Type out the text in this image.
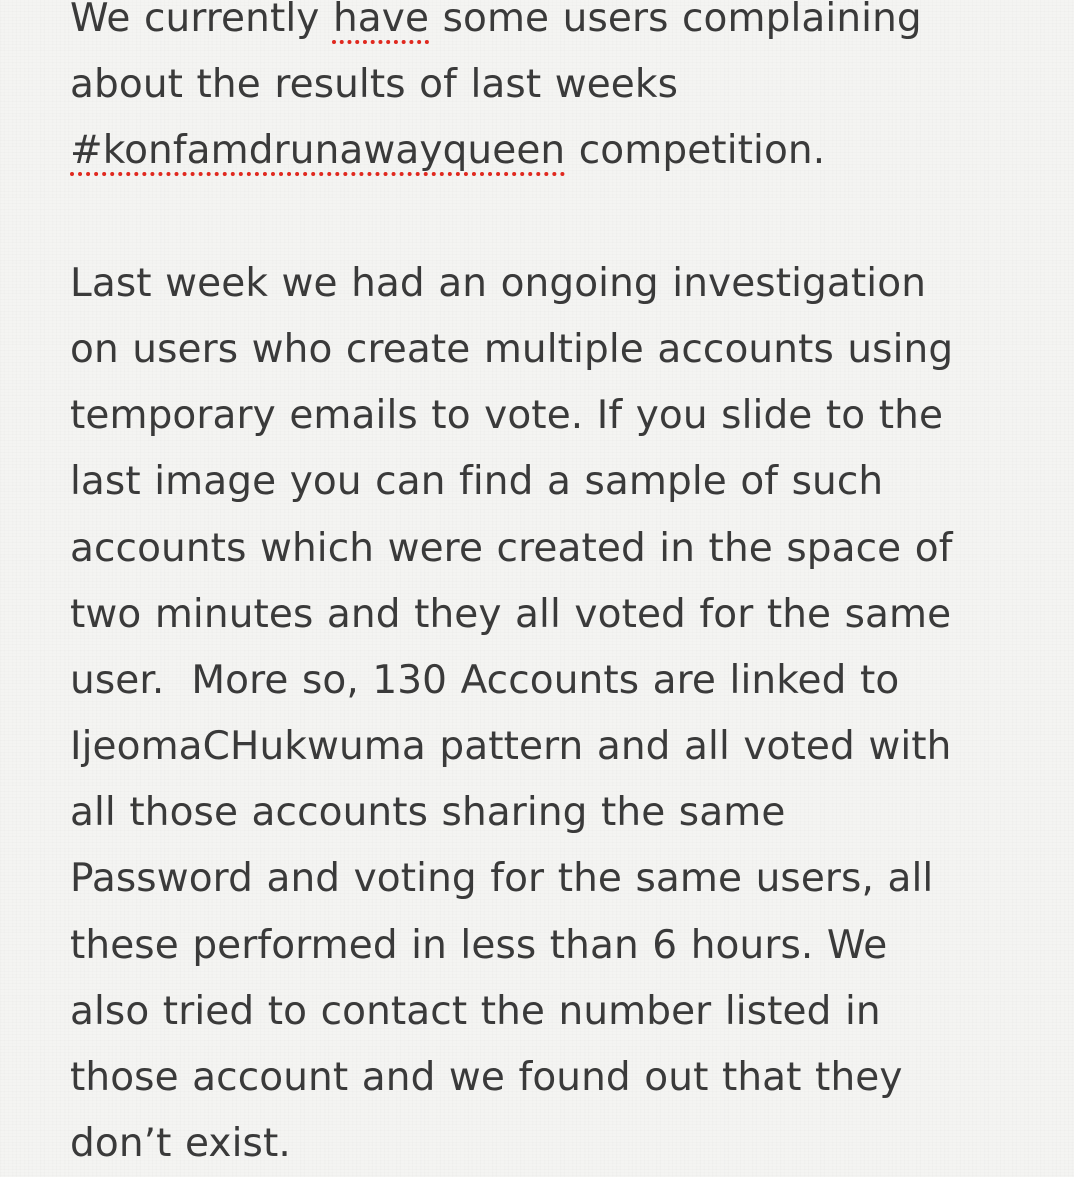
We currently have some users complaining
about the results of last weeks
#konfamdrunawayqueen competition.
Last week we had an ongoing investigation
on users who create multiple accounts using
temporary emails to vote. If you slide to the
last image you can find a sample of such
accounts which were created in the space of
two minutes and they all voted for the same
user.  More so, 130 Accounts are linked to
IjeomaCHukwuma pattern and all voted with
all those accounts sharing the same
Password and voting for the same users, all
these performed in less than 6 hours. We
also tried to contact the number listed in
those account and we found out that they
don’t exist.
